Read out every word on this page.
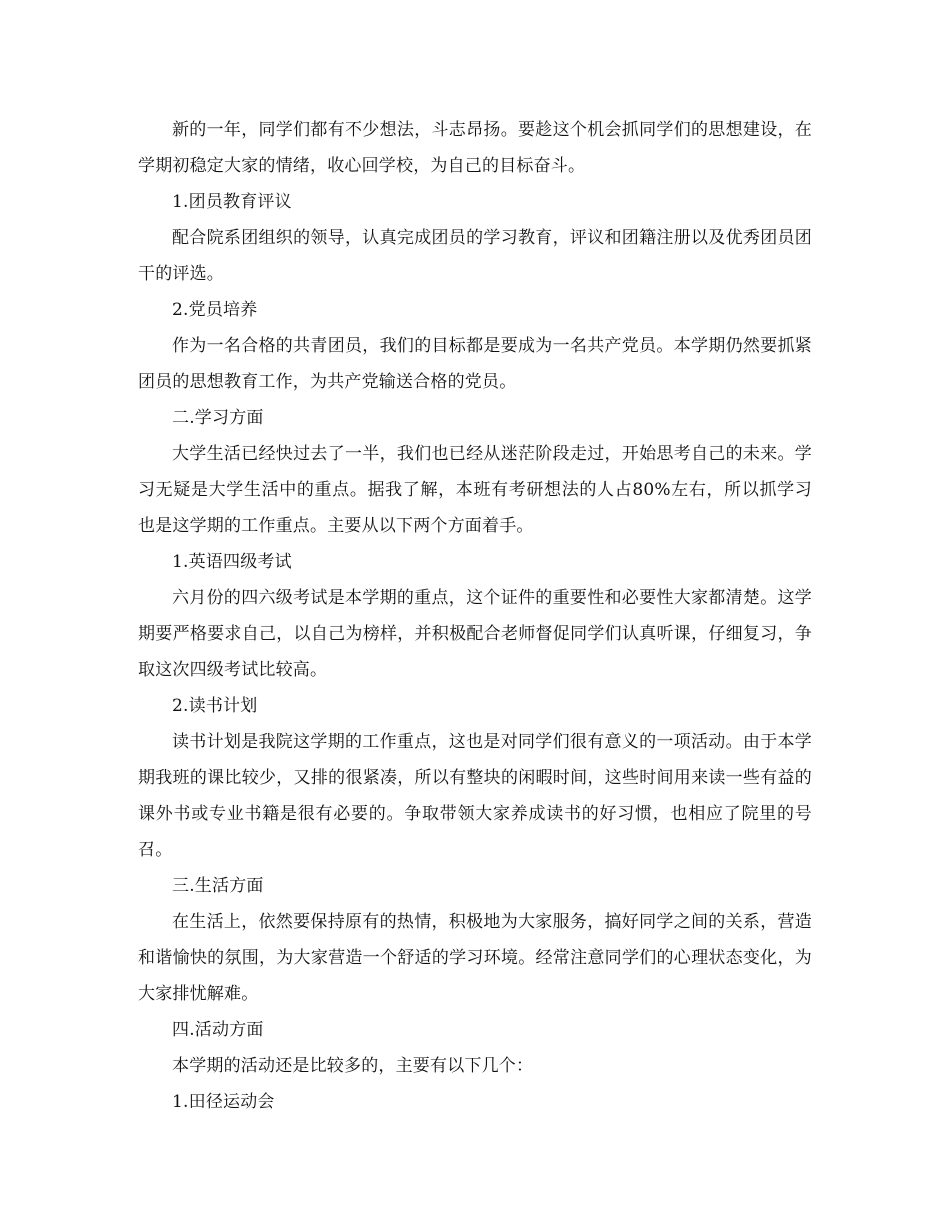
新的一年，同学们都有不少想法，斗志昂扬。要趁这个机会抓同学们的思想建设，在学期初稳定大家的情绪，收心回学校，为自己的目标奋斗。

1.团员教育评议

配合院系团组织的领导，认真完成团员的学习教育，评议和团籍注册以及优秀团员团干的评选。

2.党员培养

作为一名合格的共青团员，我们的目标都是要成为一名共产党员。本学期仍然要抓紧团员的思想教育工作，为共产党输送合格的党员。

二.学习方面

大学生活已经快过去了一半，我们也已经从迷茫阶段走过，开始思考自己的未来。学习无疑是大学生活中的重点。据我了解，本班有考研想法的人占80%左右，所以抓学习也是这学期的工作重点。主要从以下两个方面着手。

1.英语四级考试

六月份的四六级考试是本学期的重点，这个证件的重要性和必要性大家都清楚。这学期要严格要求自己，以自己为榜样，并积极配合老师督促同学们认真听课，仔细复习，争取这次四级考试比较高。

2.读书计划

读书计划是我院这学期的工作重点，这也是对同学们很有意义的一项活动。由于本学期我班的课比较少，又排的很紧凑，所以有整块的闲暇时间，这些时间用来读一些有益的课外书或专业书籍是很有必要的。争取带领大家养成读书的好习惯，也相应了院里的号召。

三.生活方面

在生活上，依然要保持原有的热情，积极地为大家服务，搞好同学之间的关系，营造和谐愉快的氛围，为大家营造一个舒适的学习环境。经常注意同学们的心理状态变化，为大家排忧解难。

四.活动方面

本学期的活动还是比较多的，主要有以下几个：

1.田径运动会
